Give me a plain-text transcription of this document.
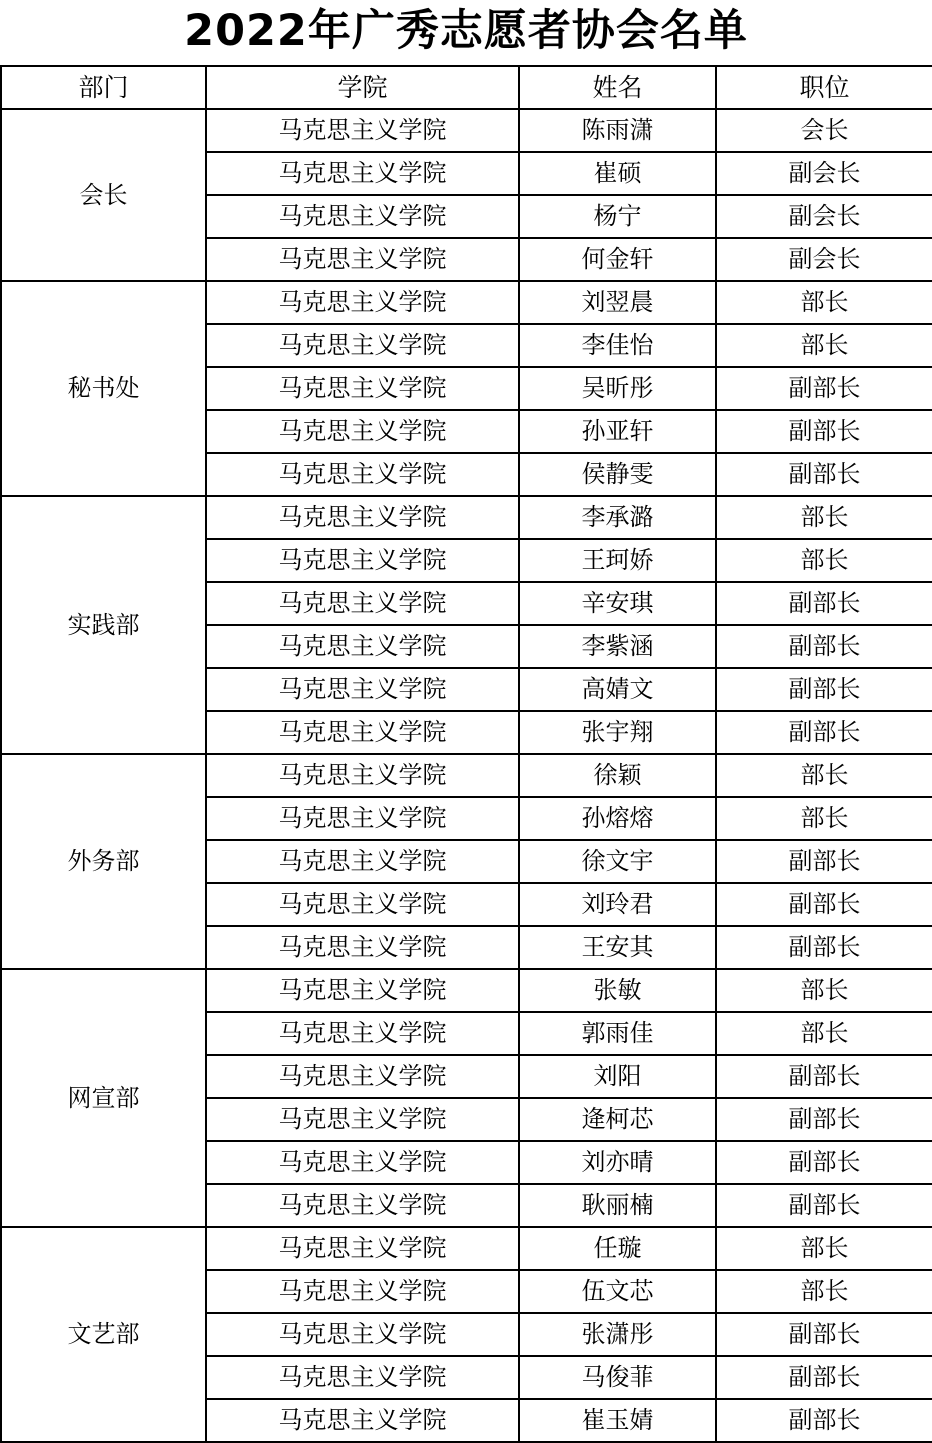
2022年广秀志愿者协会名单
部门	学院	姓名	职位
会长	马克思主义学院	陈雨潇	会长
	马克思主义学院	崔硕	副会长
	马克思主义学院	杨宁	副会长
	马克思主义学院	何金轩	副会长
秘书处	马克思主义学院	刘翌晨	部长
	马克思主义学院	李佳怡	部长
	马克思主义学院	吴昕彤	副部长
	马克思主义学院	孙亚轩	副部长
	马克思主义学院	侯静雯	副部长
实践部	马克思主义学院	李承潞	部长
	马克思主义学院	王珂娇	部长
	马克思主义学院	辛安琪	副部长
	马克思主义学院	李紫涵	副部长
	马克思主义学院	高婧文	副部长
	马克思主义学院	张宇翔	副部长
外务部	马克思主义学院	徐颖	部长
	马克思主义学院	孙熔熔	部长
	马克思主义学院	徐文宇	副部长
	马克思主义学院	刘玲君	副部长
	马克思主义学院	王安其	副部长
网宣部	马克思主义学院	张敏	部长
	马克思主义学院	郭雨佳	部长
	马克思主义学院	刘阳	副部长
	马克思主义学院	逄柯芯	副部长
	马克思主义学院	刘亦晴	副部长
	马克思主义学院	耿丽楠	副部长
文艺部	马克思主义学院	任璇	部长
	马克思主义学院	伍文芯	部长
	马克思主义学院	张潇彤	副部长
	马克思主义学院	马俊菲	副部长
	马克思主义学院	崔玉婧	副部长
